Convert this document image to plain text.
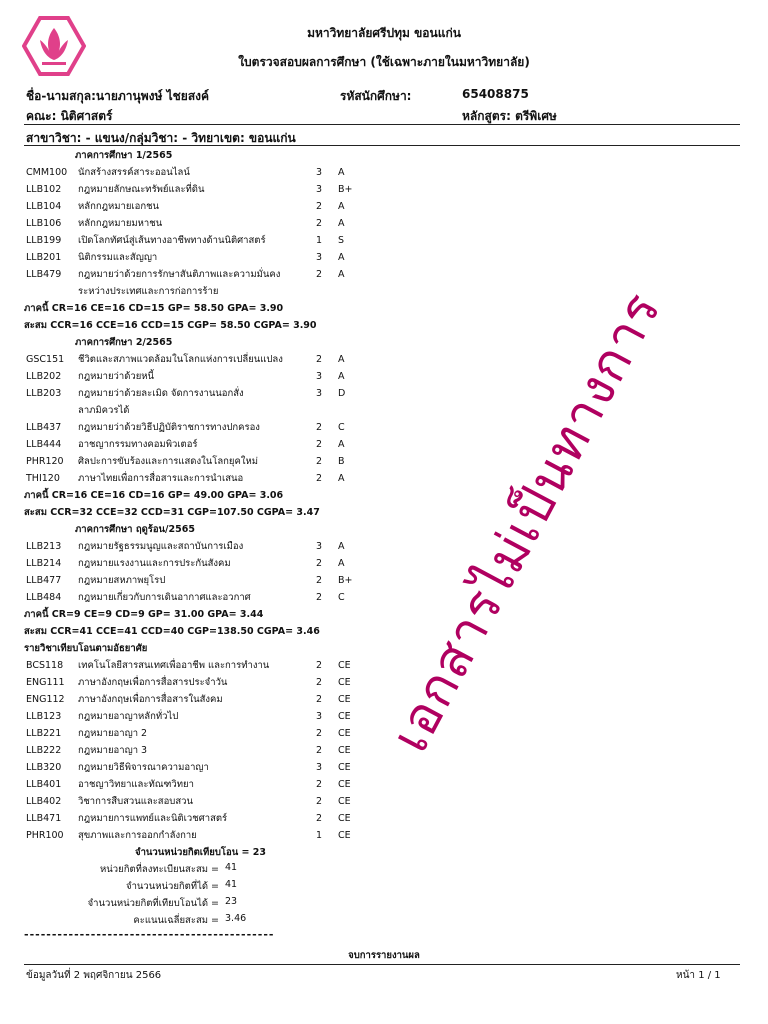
มหาวิทยาลัยศรีปทุม ขอนแก่น
ใบตรวจสอบผลการศึกษา (ใช้เฉพาะภายในมหาวิทยาลัย)
ชื่อ-นามสกุล:นายภานุพงษ์ ไชยสงค์	รหัสนักศึกษา:	65408875
คณะ: นิติศาสตร์	หลักสูตร: ตรีพิเศษ
สาขาวิชา: - แขนง/กลุ่มวิชา: - วิทยาเขต: ขอนแก่น
ภาคการศึกษา 1/2565
CMM100	นักสร้างสรรค์สาระออนไลน์	3	A
LLB102	กฎหมายลักษณะทรัพย์และที่ดิน	3	B+
LLB104	หลักกฎหมายเอกชน	2	A
LLB106	หลักกฎหมายมหาชน	2	A
LLB199	เปิดโลกทัศน์สู่เส้นทางอาชีพทางด้านนิติศาสตร์	1	S
LLB201	นิติกรรมและสัญญา	3	A
LLB479	กฎหมายว่าด้วยการรักษาสันติภาพและความมั่นคง	2	A
ระหว่างประเทศและการก่อการร้าย
ภาคนี้ CR=16 CE=16 CD=15 GP= 58.50 GPA= 3.90
สะสม CCR=16 CCE=16 CCD=15 CGP= 58.50 CGPA= 3.90
ภาคการศึกษา 2/2565
GSC151	ชีวิตและสภาพแวดล้อมในโลกแห่งการเปลี่ยนแปลง	2	A
LLB202	กฎหมายว่าด้วยหนี้	3	A
LLB203	กฎหมายว่าด้วยละเมิด จัดการงานนอกสั่ง	3	D
ลาภมิควรได้
LLB437	กฎหมายว่าด้วยวิธีปฏิบัติราชการทางปกครอง	2	C
LLB444	อาชญากรรมทางคอมพิวเตอร์	2	A
PHR120	ศิลปะการขับร้องและการแสดงในโลกยุคใหม่	2	B
THI120	ภาษาไทยเพื่อการสื่อสารและการนำเสนอ	2	A
ภาคนี้ CR=16 CE=16 CD=16 GP= 49.00 GPA= 3.06
สะสม CCR=32 CCE=32 CCD=31 CGP=107.50 CGPA= 3.47
ภาคการศึกษา ฤดูร้อน/2565
LLB213	กฎหมายรัฐธรรมนูญและสถาบันการเมือง	3	A
LLB214	กฎหมายแรงงานและการประกันสังคม	2	A
LLB477	กฎหมายสหภาพยุโรป	2	B+
LLB484	กฎหมายเกี่ยวกับการเดินอากาศและอวกาศ	2	C
ภาคนี้ CR=9 CE=9 CD=9 GP= 31.00 GPA= 3.44
สะสม CCR=41 CCE=41 CCD=40 CGP=138.50 CGPA= 3.46
รายวิชาเทียบโอนตามอัธยาศัย
BCS118	เทคโนโลยีสารสนเทศเพื่ออาชีพ และการทำงาน	2	CE
ENG111	ภาษาอังกฤษเพื่อการสื่อสารประจำวัน	2	CE
ENG112	ภาษาอังกฤษเพื่อการสื่อสารในสังคม	2	CE
LLB123	กฎหมายอาญาหลักทั่วไป	3	CE
LLB221	กฎหมายอาญา 2	2	CE
LLB222	กฎหมายอาญา 3	2	CE
LLB320	กฎหมายวิธีพิจารณาความอาญา	3	CE
LLB401	อาชญาวิทยาและทัณฑวิทยา	2	CE
LLB402	วิชาการสืบสวนและสอบสวน	2	CE
LLB471	กฎหมายการแพทย์และนิติเวชศาสตร์	2	CE
PHR100	สุขภาพและการออกกำลังกาย	1	CE
จำนวนหน่วยกิตเทียบโอน = 23
หน่วยกิตที่ลงทะเบียนสะสม = 41
จำนวนหน่วยกิตที่ได้ = 41
จำนวนหน่วยกิตที่เทียบโอนได้ = 23
คะแนนเฉลี่ยสะสม = 3.46
---------------------------------------------
จบการรายงานผล
ข้อมูลวันที่ 2 พฤศจิกายน 2566	หน้า 1 / 1
เอกสารไม่เป็นทางการ
